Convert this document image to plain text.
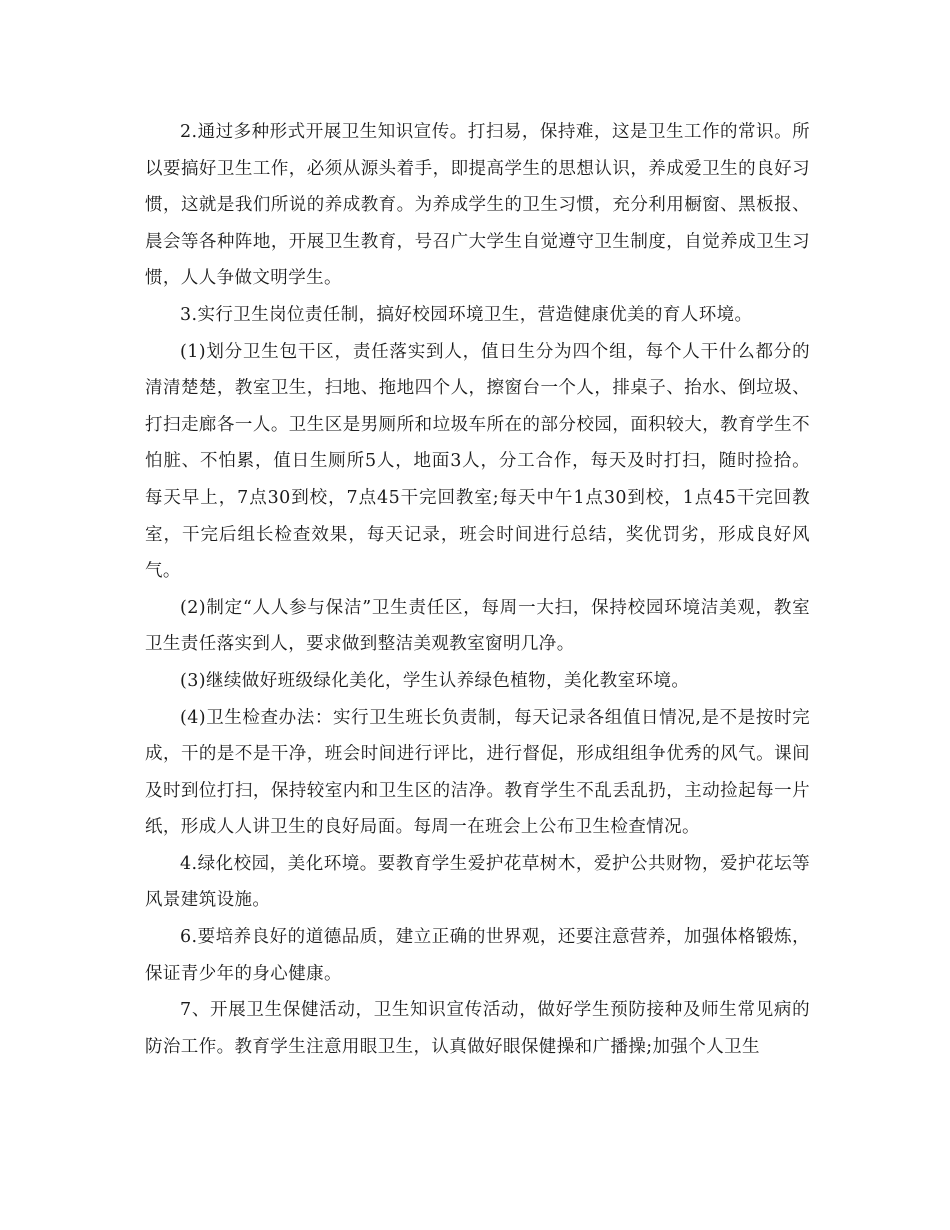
2.通过多种形式开展卫生知识宣传。打扫易，保持难，这是卫生工作的常识。所以要搞好卫生工作，必须从源头着手，即提高学生的思想认识，养成爱卫生的良好习惯，这就是我们所说的养成教育。为养成学生的卫生习惯，充分利用橱窗、黑板报、晨会等各种阵地，开展卫生教育，号召广大学生自觉遵守卫生制度，自觉养成卫生习惯，人人争做文明学生。

3.实行卫生岗位责任制，搞好校园环境卫生，营造健康优美的育人环境。

(1)划分卫生包干区，责任落实到人，值日生分为四个组，每个人干什么都分的清清楚楚，教室卫生，扫地、拖地四个人，擦窗台一个人，排桌子、抬水、倒垃圾、打扫走廊各一人。卫生区是男厕所和垃圾车所在的部分校园，面积较大，教育学生不怕脏、不怕累，值日生厕所5人，地面3人，分工合作，每天及时打扫，随时捡拾。每天早上，7点30到校，7点45干完回教室;每天中午1点30到校，1点45干完回教室，干完后组长检查效果，每天记录，班会时间进行总结，奖优罚劣，形成良好风气。

(2)制定“人人参与保洁”卫生责任区，每周一大扫，保持校园环境洁美观，教室卫生责任落实到人，要求做到整洁美观教室窗明几净。

(3)继续做好班级绿化美化，学生认养绿色植物，美化教室环境。

(4)卫生检查办法：实行卫生班长负责制，每天记录各组值日情况,是不是按时完成，干的是不是干净，班会时间进行评比，进行督促，形成组组争优秀的风气。课间及时到位打扫，保持较室内和卫生区的洁净。教育学生不乱丢乱扔，主动捡起每一片纸，形成人人讲卫生的良好局面。每周一在班会上公布卫生检查情况。

4.绿化校园，美化环境。要教育学生爱护花草树木，爱护公共财物，爱护花坛等风景建筑设施。

6.要培养良好的道德品质，建立正确的世界观，还要注意营养，加强体格锻炼，保证青少年的身心健康。

7、开展卫生保健活动，卫生知识宣传活动，做好学生预防接种及师生常见病的防治工作。教育学生注意用眼卫生，认真做好眼保健操和广播操;加强个人卫生
